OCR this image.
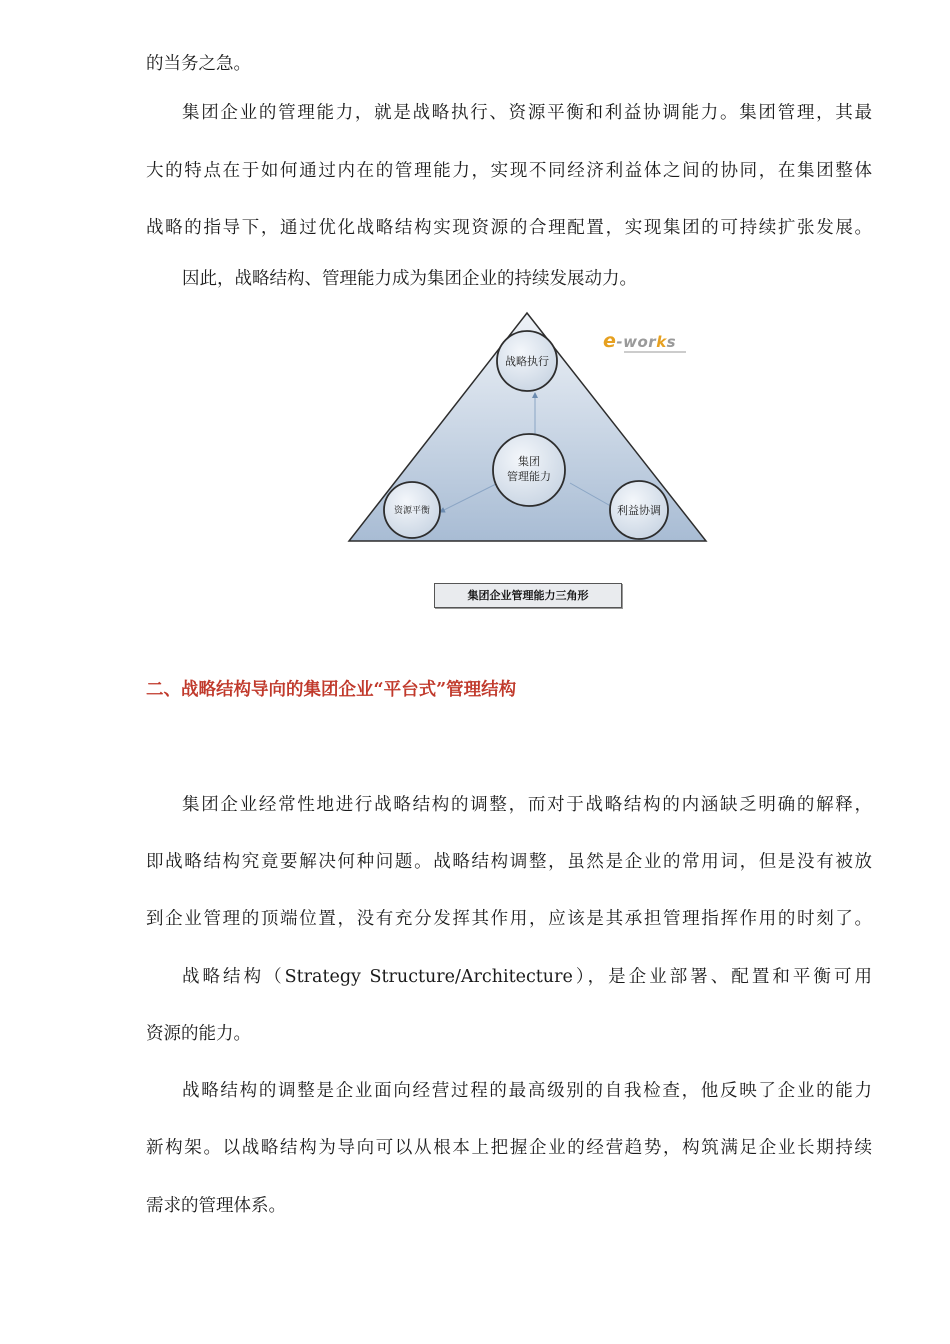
的当务之急。
集团企业的管理能力，就是战略执行、资源平衡和利益协调能力。集团管理，其最
大的特点在于如何通过内在的管理能力，实现不同经济利益体之间的协同，在集团整体
战略的指导下，通过优化战略结构实现资源的合理配置，实现集团的可持续扩张发展。
因此，战略结构、管理能力成为集团企业的持续发展动力。
战略执行
集团
管理能力
资源平衡	利益协调
e-works
集团企业管理能力三角形
二、战略结构导向的集团企业“平台式”管理结构
集团企业经常性地进行战略结构的调整，而对于战略结构的内涵缺乏明确的解释，
即战略结构究竟要解决何种问题。战略结构调整，虽然是企业的常用词，但是没有被放
到企业管理的顶端位置，没有充分发挥其作用，应该是其承担管理指挥作用的时刻了。
战略结构（Strategy Structure/Architecture），是企业部署、配置和平衡可用
资源的能力。
战略结构的调整是企业面向经营过程的最高级别的自我检查，他反映了企业的能力
新构架。以战略结构为导向可以从根本上把握企业的经营趋势，构筑满足企业长期持续
需求的管理体系。
